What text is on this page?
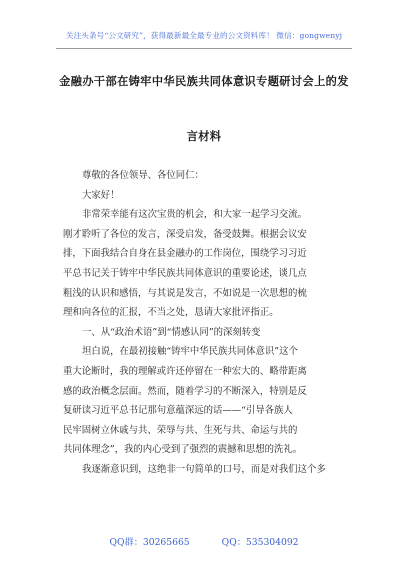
关注头条号“公文研究”，获得最新最全最专业的公文资料库！ 微信：gongwenyj
金融办干部在铸牢中华民族共同体意识专题研讨会上的发
言材料
尊敬的各位领导、各位同仁：
大家好！
非常荣幸能有这次宝贵的机会，和大家一起学习交流。
刚才聆听了各位的发言，深受启发，备受鼓舞。根据会议安
排，下面我结合自身在县金融办的工作岗位，围绕学习习近
平总书记关于铸牢中华民族共同体意识的重要论述，谈几点
粗浅的认识和感悟，与其说是发言，不如说是一次思想的梳
理和向各位的汇报，不当之处，恳请大家批评指正。
一、从“政治术语”到“情感认同”的深刻转变
坦白说，在最初接触“铸牢中华民族共同体意识”这个
重大论断时，我的理解或许还停留在一种宏大的、略带距离
感的政治概念层面。然而，随着学习的不断深入，特别是反
复研读习近平总书记那句意蕴深远的话——“引导各族人
民牢固树立休戚与共、荣辱与共、生死与共、命运与共的
共同体理念”，我的内心受到了强烈的震撼和思想的洗礼。
我逐渐意识到，这绝非一句简单的口号，而是对我们这个多
QQ群：30265665	QQ：535304092
